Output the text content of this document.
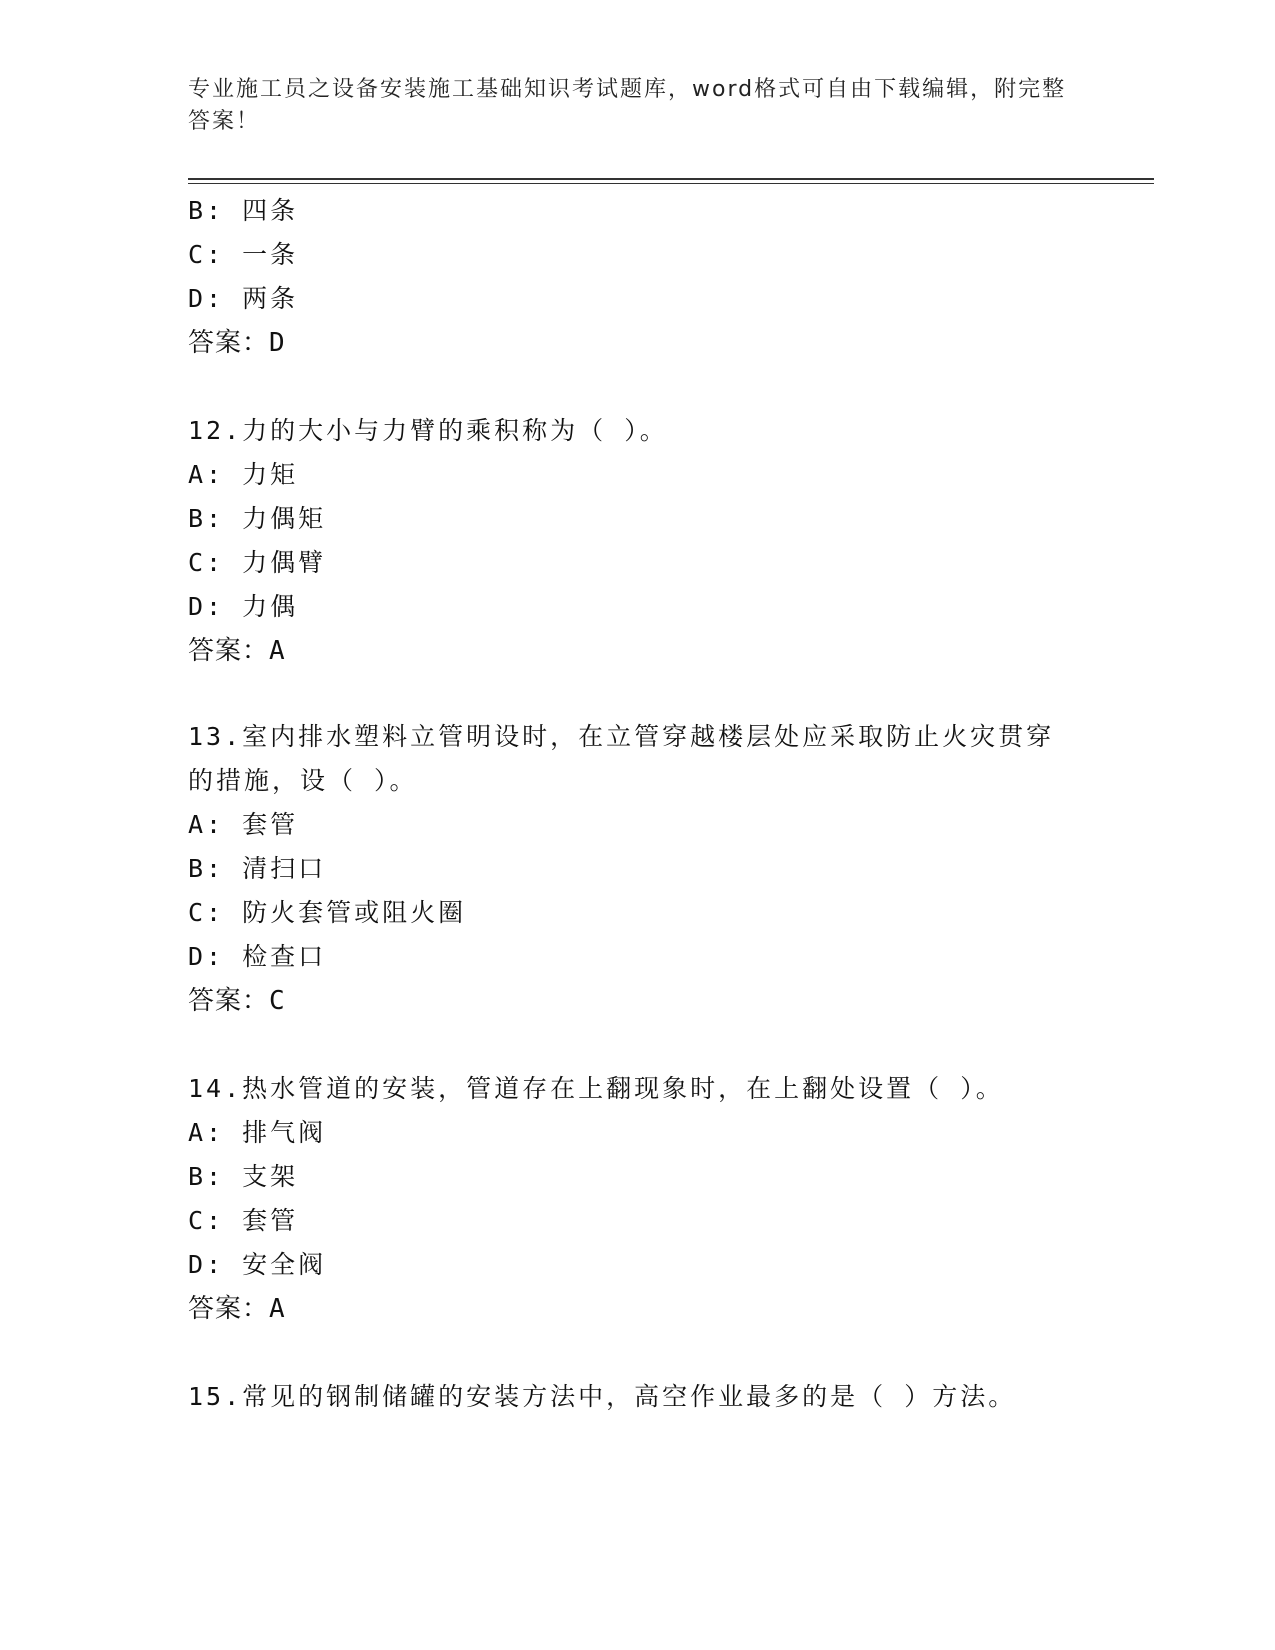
专业施工员之设备安装施工基础知识考试题库，word格式可自由下载编辑，附完整答案！
B: 四条
C: 一条
D: 两条
答案：D
12.力的大小与力臂的乘积称为（ ）。
A: 力矩
B: 力偶矩
C: 力偶臂
D: 力偶
答案：A
13.室内排水塑料立管明设时，在立管穿越楼层处应采取防止火灾贯穿
的措施，设（ ）。
A: 套管
B: 清扫口
C: 防火套管或阻火圈
D: 检查口
答案：C
14.热水管道的安装，管道存在上翻现象时，在上翻处设置（ ）。
A: 排气阀
B: 支架
C: 套管
D: 安全阀
答案：A
15.常见的钢制储罐的安装方法中，高空作业最多的是（ ）方法。
